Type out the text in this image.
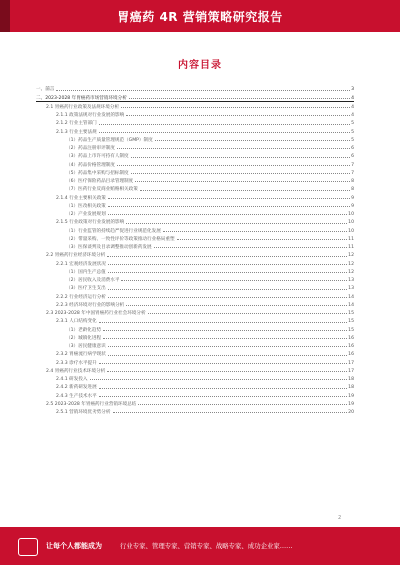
胃癌药 4R 营销策略研究报告
内容目录
一、前言	3
二、2023-2028 年胃癌药市场营销环境分析	4
2.1 胃癌药行业政策及法规环境分析	4
2.1.1 政策法规对行业发展的影响	4
2.1.2 行业主管部门	5
2.1.3 行业主要法规	5
（1）药品生产质量管理规范（GMP）制度	5
（2）药品注册审评制度	6
（3）药品上市许可持有人制度	6
（4）药品价格管理制度	7
（5）药品集中采购与招标制度	7
（6）医疗保险药品目录管理制度	8
（7）医药行业反商业贿赂相关政策	8
2.1.4 行业主要相关政策	9
（1）医改相关政策	9
（2）产业发展规划	10
2.1.5 行业政策对行业发展的影响	10
（1）行业监管的持续趋严促进行业规范化发展	10
（2）带量采购、一致性评价等政策推动行业格局重塑	11
（3）医保谈判及目录调整推动创新药发展	11
2.2 胃癌药行业经济环境分析	12
2.2.1 宏观经济发展状况	12
（1）国内生产总值	12
（2）居民收入及消费水平	13
（3）医疗卫生支出	13
2.2.2 行业经济运行分析	14
2.2.3 经济环境对行业的影响分析	14
2.3 2023-2028 年中国胃癌药行业社会环境分析	15
2.3.1 人口结构变化	15
（1）老龄化趋势	15
（2）城镇化进程	16
（3）居民健康意识	16
2.3.2 胃癌流行病学现状	16
2.3.3 诊疗水平提升	17
2.4 胃癌药行业技术环境分析	17
2.4.1 研发投入	18
2.4.2 新药研发进展	18
2.4.3 生产技术水平	19
2.5 2023-2028 年胃癌药行业营销环境总结	19
2.5.1 营销环境优劣势分析	20
2
让每个人都能成为	行业专家、管理专家、营销专家、战略专家、成功企业家……
